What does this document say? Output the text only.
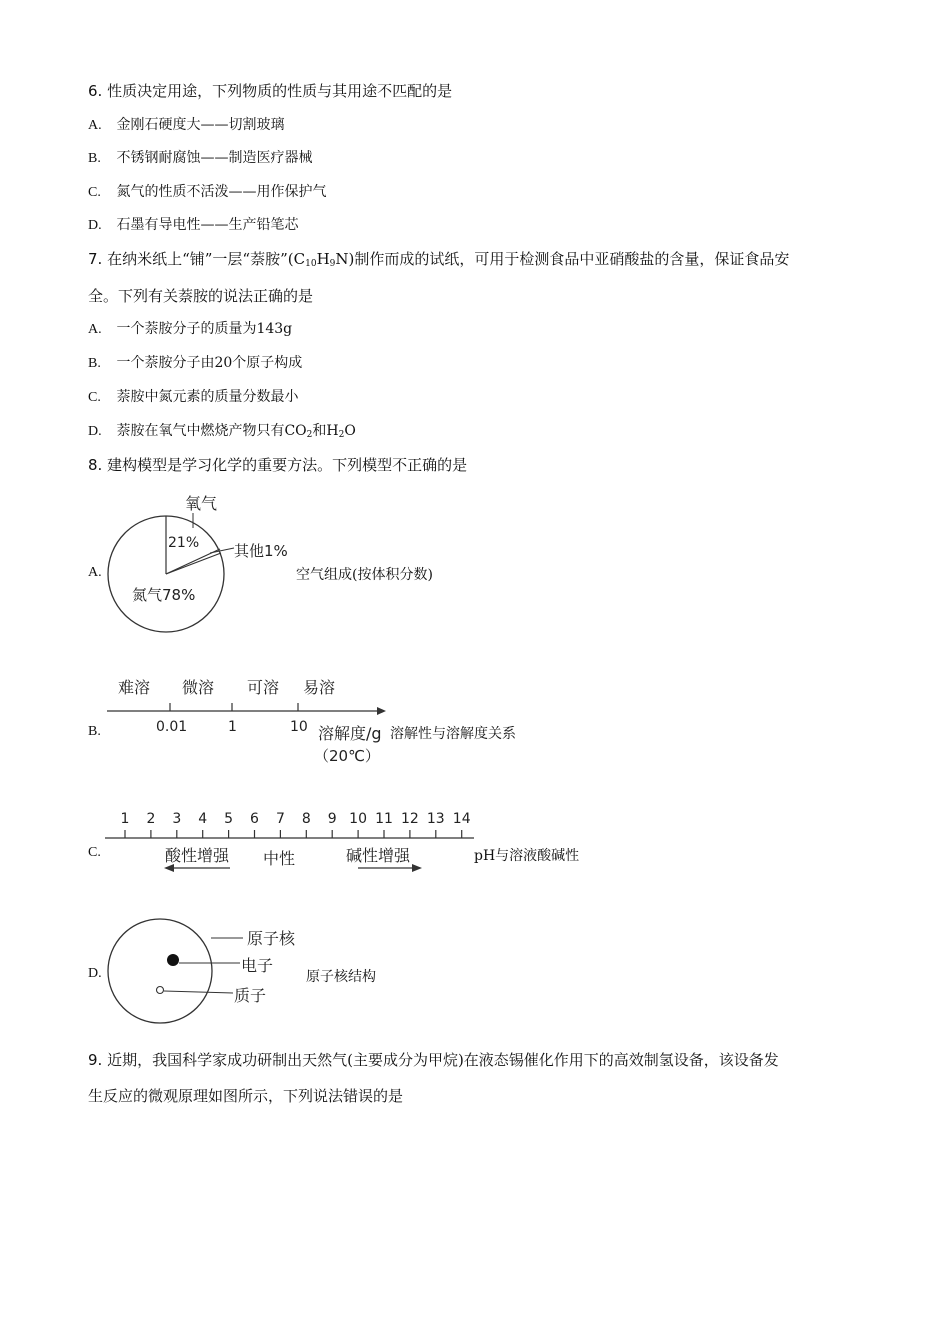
6. 性质决定用途，下列物质的性质与其用途不匹配的是
A. 金刚石硬度大——切割玻璃
B. 不锈钢耐腐蚀——制造医疗器械
C. 氮气的性质不活泼——用作保护气
D. 石墨有导电性——生产铅笔芯
7. 在纳米纸上“铺”一层“萘胺$”(C_{10}H_9N)$制作而成的试纸，可用于检测食品中亚硝酸盐的含量，保证食品安
全。下列有关萘胺的说法正确的是
A. 一个萘胺分子的质量为143g
B. 一个萘胺分子由20个原子构成
C. 萘胺中氮元素的质量分数最小
D. 萘胺在氧气中燃烧产物只有$CO_2$和$H_2O$
8. 建构模型是学习化学的重要方法。下列模型不正确的是
A.
氧气
21% 其他1%
氮气78%
空气组成(按体积分数)
B.
难溶 微溶 可溶 易溶
0.01	1	10 溶解度/g
（20℃）
溶解性与溶解度关系
C.
1 2 3 4 5 6 7 8 9 10 11 12 13 14
酸性增强 中性	碱性增强	pH与溶液酸碱性
D.
原子核
电子
质子
原子核结构
9. 近期，我国科学家成功研制出天然气(主要成分为甲烷)在液态锡催化作用下的高效制氢设备，该设备发
生反应的微观原理如图所示，下列说法错误的是
